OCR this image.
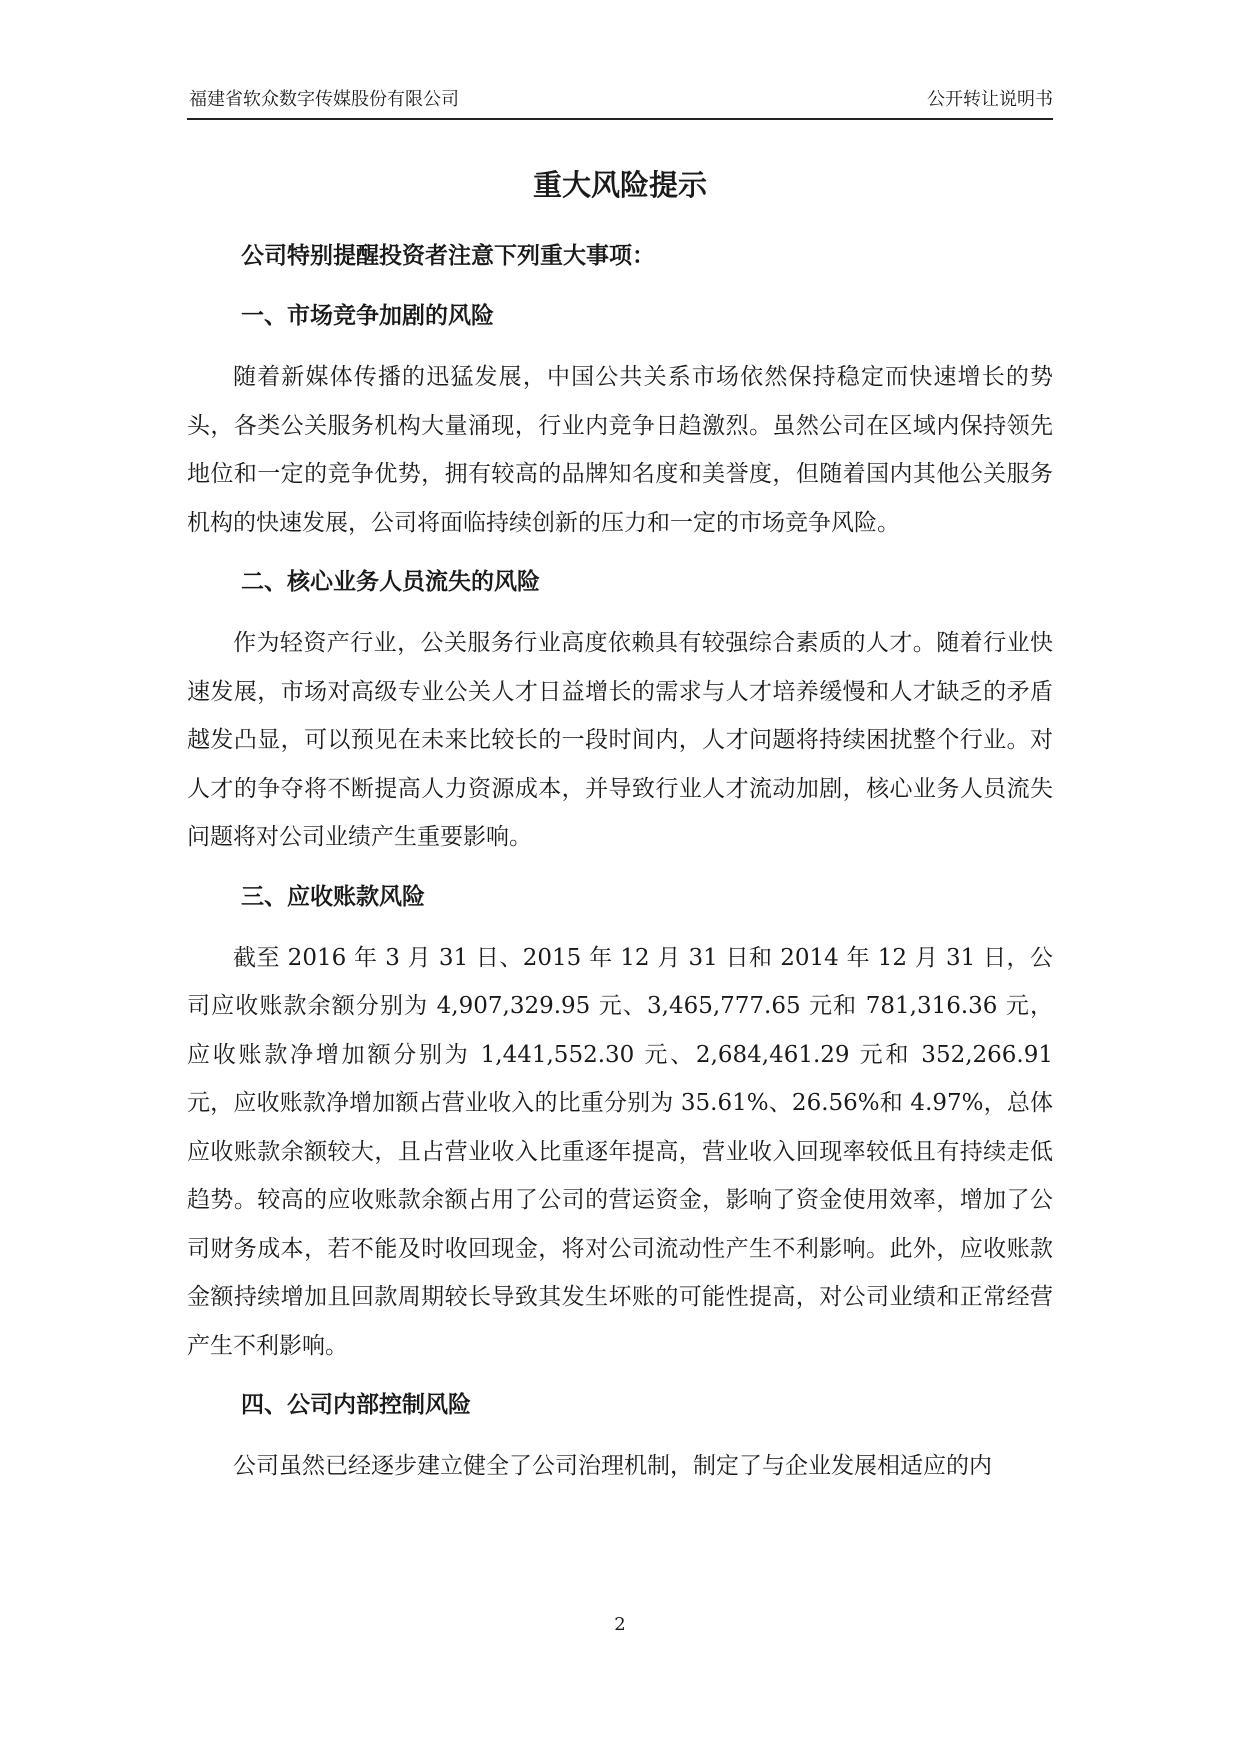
福建省软众数字传媒股份有限公司	公开转让说明书
重大风险提示

公司特别提醒投资者注意下列重大事项：

一、市场竞争加剧的风险

随着新媒体传播的迅猛发展，中国公共关系市场依然保持稳定而快速增长的势头，各类公关服务机构大量涌现，行业内竞争日趋激烈。虽然公司在区域内保持领先地位和一定的竞争优势，拥有较高的品牌知名度和美誉度，但随着国内其他公关服务机构的快速发展，公司将面临持续创新的压力和一定的市场竞争风险。

二、核心业务人员流失的风险

作为轻资产行业，公关服务行业高度依赖具有较强综合素质的人才。随着行业快速发展，市场对高级专业公关人才日益增长的需求与人才培养缓慢和人才缺乏的矛盾越发凸显，可以预见在未来比较长的一段时间内，人才问题将持续困扰整个行业。对人才的争夺将不断提高人力资源成本，并导致行业人才流动加剧，核心业务人员流失问题将对公司业绩产生重要影响。

三、应收账款风险

截至 2016 年 3 月 31 日、2015 年 12 月 31 日和 2014 年 12 月 31 日，公司应收账款余额分别为 4,907,329.95 元、3,465,777.65 元和 781,316.36 元，应收账款净增加额分别为 1,441,552.30 元、2,684,461.29 元和 352,266.91 元，应收账款净增加额占营业收入的比重分别为 35.61%、26.56%和 4.97%，总体应收账款余额较大，且占营业收入比重逐年提高，营业收入回现率较低且有持续走低趋势。较高的应收账款余额占用了公司的营运资金，影响了资金使用效率，增加了公司财务成本，若不能及时收回现金，将对公司流动性产生不利影响。此外，应收账款金额持续增加且回款周期较长导致其发生坏账的可能性提高，对公司业绩和正常经营产生不利影响。

四、公司内部控制风险

公司虽然已经逐步建立健全了公司治理机制，制定了与企业发展相适应的内

2
